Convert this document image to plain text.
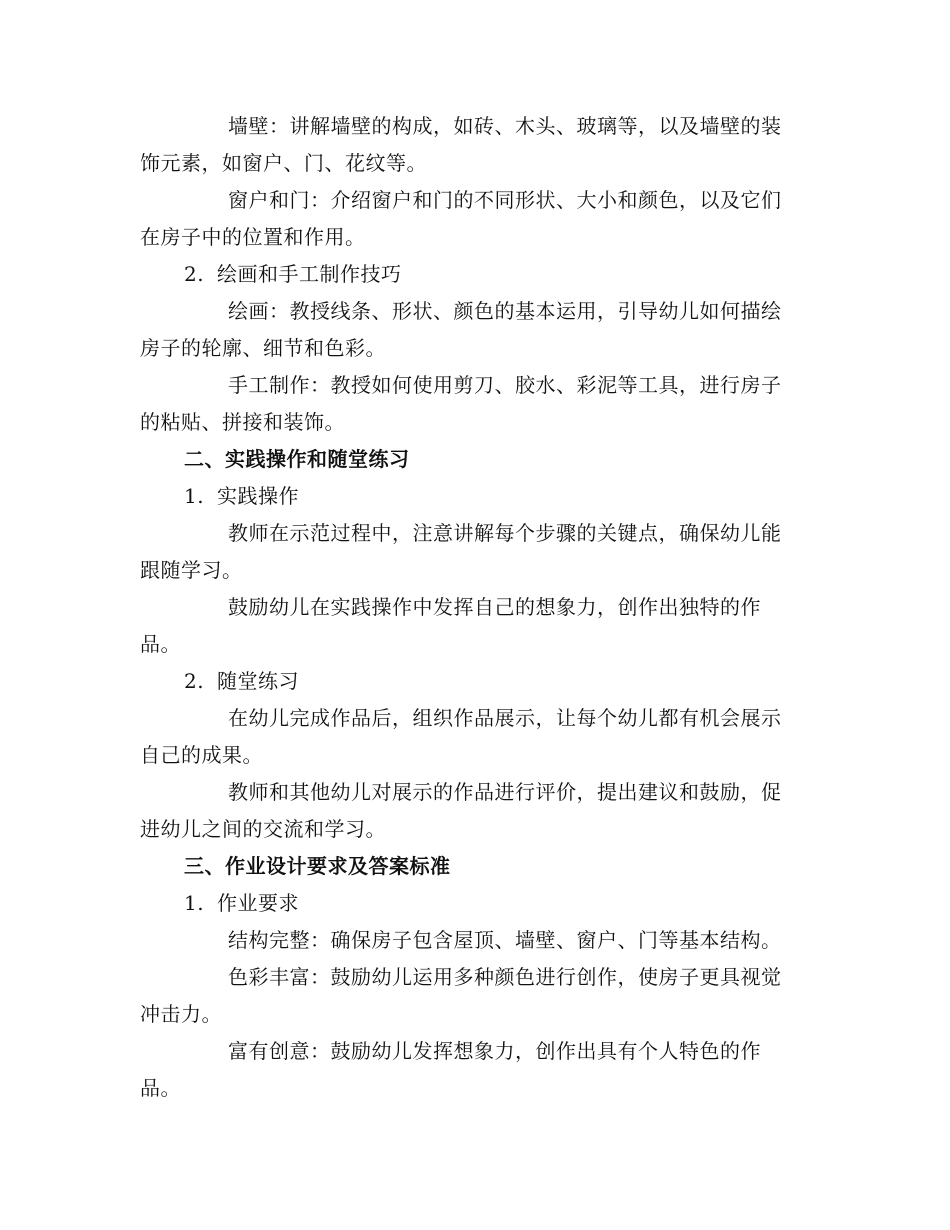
墙壁：讲解墙壁的构成，如砖、木头、玻璃等，以及墙壁的装饰元素，如窗户、门、花纹等。

窗户和门：介绍窗户和门的不同形状、大小和颜色，以及它们在房子中的位置和作用。

2. 绘画和手工制作技巧

绘画：教授线条、形状、颜色的基本运用，引导幼儿如何描绘房子的轮廓、细节和色彩。

手工制作：教授如何使用剪刀、胶水、彩泥等工具，进行房子的粘贴、拼接和装饰。

二、实践操作和随堂练习

1. 实践操作

教师在示范过程中，注意讲解每个步骤的关键点，确保幼儿能跟随学习。

鼓励幼儿在实践操作中发挥自己的想象力，创作出独特的作品。

2. 随堂练习

在幼儿完成作品后，组织作品展示，让每个幼儿都有机会展示自己的成果。

教师和其他幼儿对展示的作品进行评价，提出建议和鼓励，促进幼儿之间的交流和学习。

三、作业设计要求及答案标准

1. 作业要求

结构完整：确保房子包含屋顶、墙壁、窗户、门等基本结构。

色彩丰富：鼓励幼儿运用多种颜色进行创作，使房子更具视觉冲击力。

富有创意：鼓励幼儿发挥想象力，创作出具有个人特色的作品。
